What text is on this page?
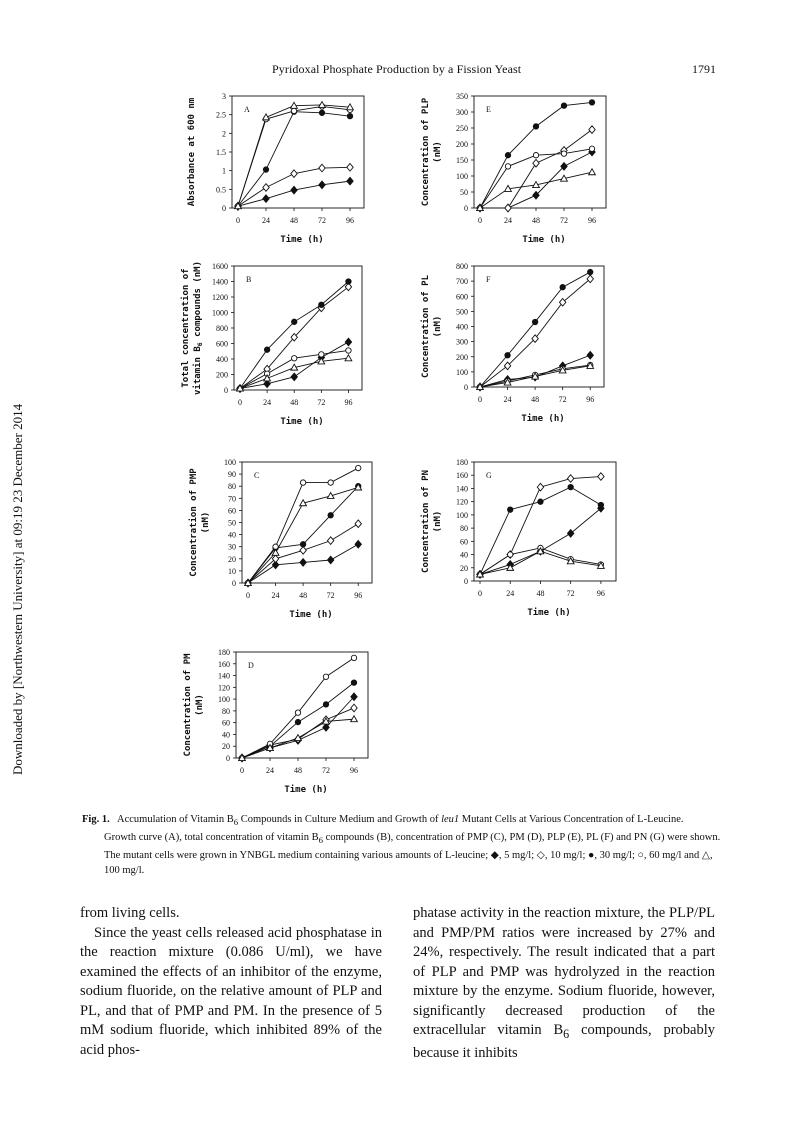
Pyridoxal Phosphate Production by a Fission Yeast	1791
Downloaded by [Northwestern University] at 09:19 23 December 2014
0
0.5
1
1.5
2
2.5
3
0	24	48	72	96
Time (h)
Absorbance at 600 nm	A
0
50
100
150
200
250
300
350
0	24	48	72	96
Time (h)
Concentration of PLP (nM)
E
0
200
400
600
800
1000
1200
1400
1600
0	24 48 72 96
Time (h)
Total concentration of vitamin $B_6$ compounds (nM)	B
0
100
200
300
400
500
600
700
800
0	24 48 72 96
Time (h)
Concentration of PL (nM)
F
0
10
20
30
40
50
60
70
80
90
100
0	24 48 72 96
Time (h)
Concentration of PMP (nM)
C
0
20
40
60
80
100
120
140
160
180
0	24	48	72	96
Time (h)
Concentration of PN (nM)
G
0
20
40
60
80
100
120
140
160
180
0	24	48	72	96
Time (h)
Concentration of PM (nM)
D
Fig. 1. Accumulation of Vitamin $B_6$ Compounds in Culture Medium and Growth of leu1 Mutant Cells at Various Concentration of L-Leucine.
Growth curve (A), total concentration of vitamin $B_6$ compounds (B), concentration of PMP (C), PM (D), PLP (E), PL (F) and PN (G) were shown. The mutant cells were grown in YNBGL medium containing various amounts of L-leucine; ◆, 5 mg/l; ◇, 10 mg/l; ●, 30 mg/l; ○, 60 mg/l and △, 100 mg/l.

from living cells.

Since the yeast cells released acid phosphatase in the reaction mixture (0.086 U/ml), we have examined the effects of an inhibitor of the enzyme, sodium fluoride, on the relative amount of PLP and PL, and that of PMP and PM. In the presence of 5 mM sodium fluoride, which inhibited 89% of the acid phos-

phatase activity in the reaction mixture, the PLP/PL and PMP/PM ratios were increased by 27% and 24%, respectively. The result indicated that a part of PLP and PMP was hydrolyzed in the reaction mixture by the enzyme. Sodium fluoride, however, significantly decreased production of the extracellular vitamin $B_6$ compounds, probably because it inhibits
